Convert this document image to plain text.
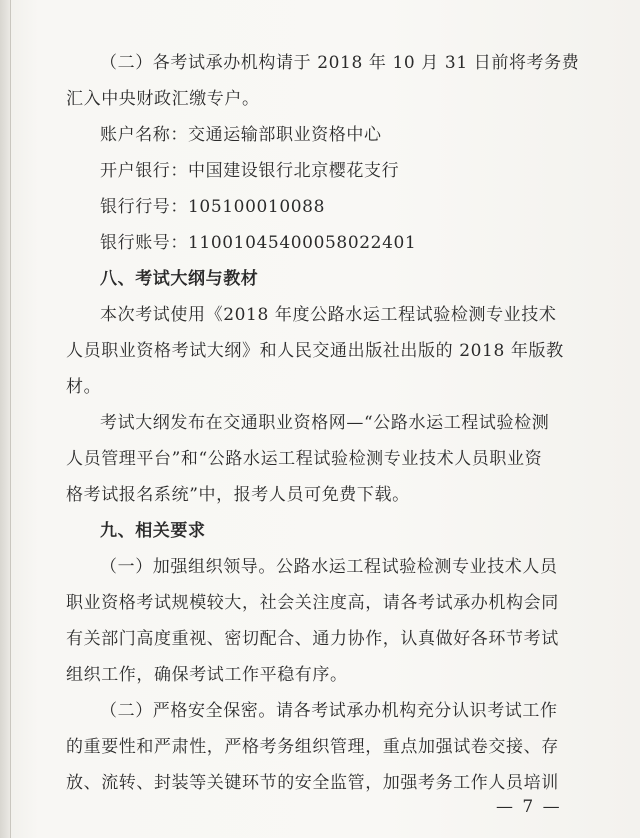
（二）各考试承办机构请于 2018 年 10 月 31 日前将考务费
汇入中央财政汇缴专户。
账户名称：交通运输部职业资格中心
开户银行：中国建设银行北京樱花支行
银行行号：105100010088
银行账号：11001045400058022401
八、考试大纲与教材
本次考试使用《2018 年度公路水运工程试验检测专业技术
人员职业资格考试大纲》和人民交通出版社出版的 2018 年版教
材。
考试大纲发布在交通职业资格网—“公路水运工程试验检测
人员管理平台”和“公路水运工程试验检测专业技术人员职业资
格考试报名系统”中，报考人员可免费下载。
九、相关要求
（一）加强组织领导。公路水运工程试验检测专业技术人员
职业资格考试规模较大，社会关注度高，请各考试承办机构会同
有关部门高度重视、密切配合、通力协作，认真做好各环节考试
组织工作，确保考试工作平稳有序。
（二）严格安全保密。请各考试承办机构充分认识考试工作
的重要性和严肃性，严格考务组织管理，重点加强试卷交接、存
放、流转、封装等关键环节的安全监管，加强考务工作人员培训
— 7 —
